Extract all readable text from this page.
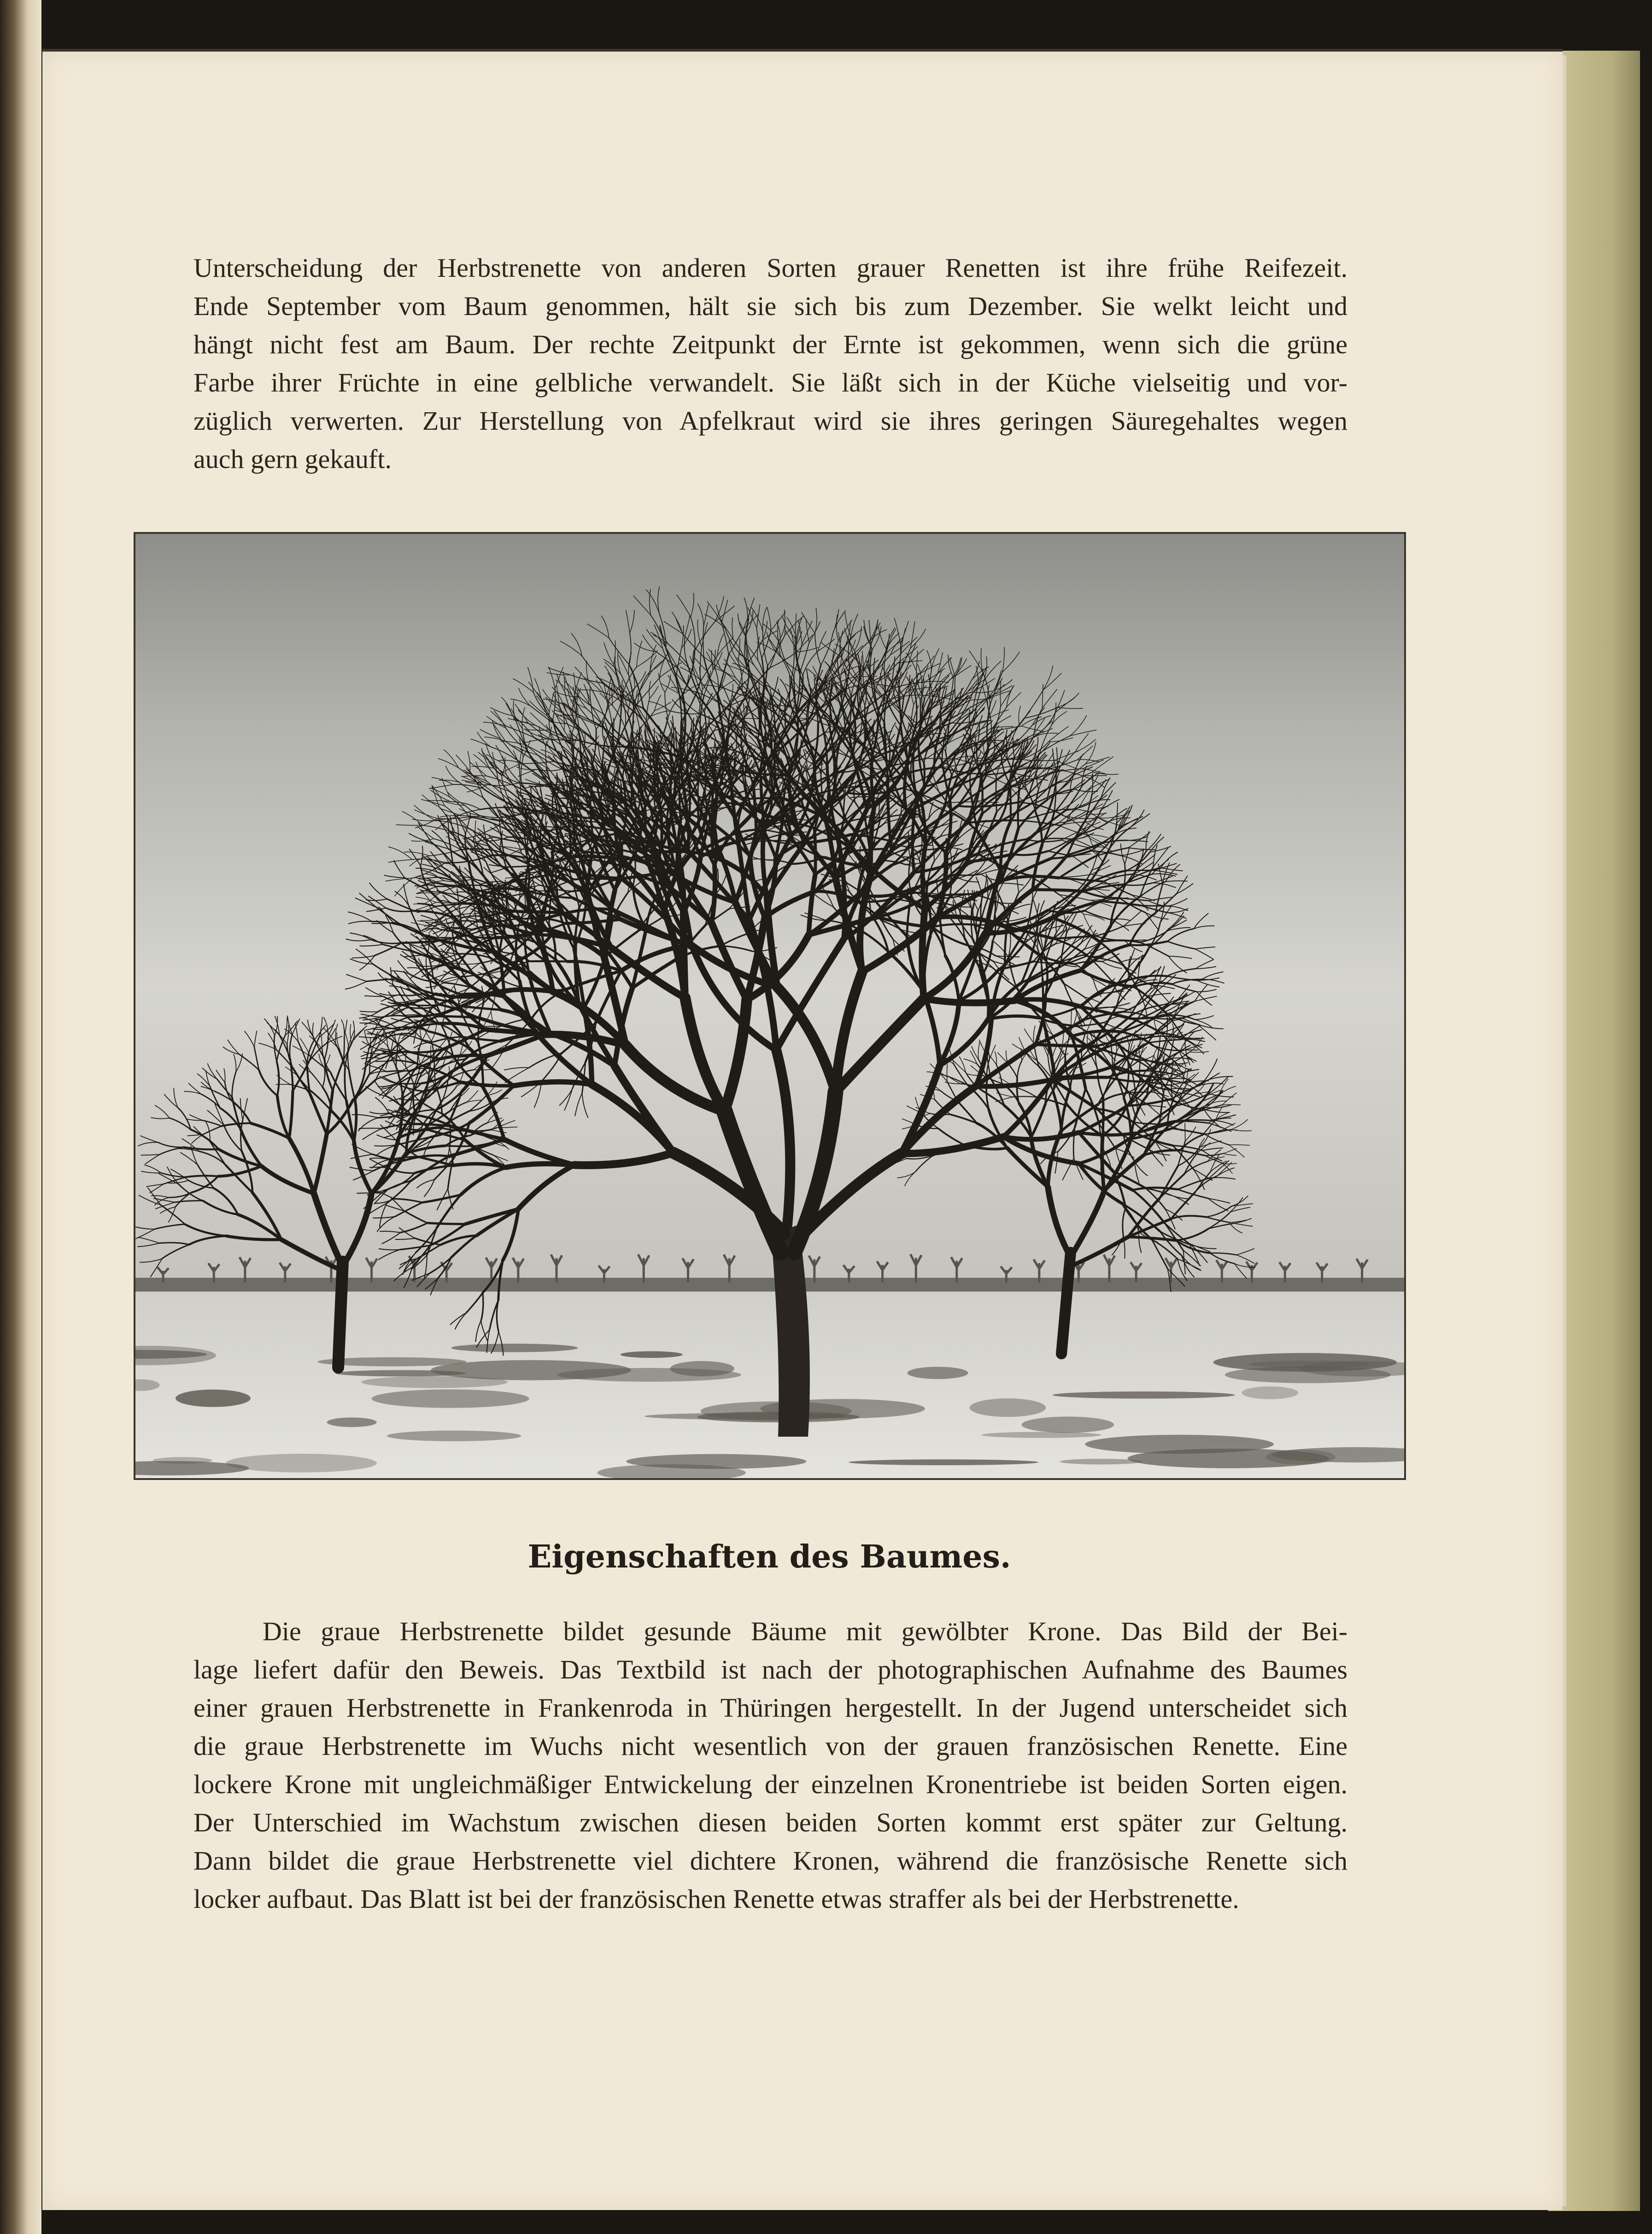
Unterscheidung der Herbstrenette von anderen Sorten grauer Renetten ist ihre frühe Reifezeit.
Ende September vom Baum genommen, hält sie sich bis zum Dezember. Sie welkt leicht und
hängt nicht fest am Baum. Der rechte Zeitpunkt der Ernte ist gekommen, wenn sich die grüne
Farbe ihrer Früchte in eine gelbliche verwandelt. Sie läßt sich in der Küche vielseitig und vor-
züglich verwerten. Zur Herstellung von Apfelkraut wird sie ihres geringen Säuregehaltes wegen
auch gern gekauft.
Eigenschaften des Baumes.
Die graue Herbstrenette bildet gesunde Bäume mit gewölbter Krone. Das Bild der Bei-
lage liefert dafür den Beweis. Das Textbild ist nach der photographischen Aufnahme des Baumes
einer grauen Herbstrenette in Frankenroda in Thüringen hergestellt. In der Jugend unterscheidet sich
die graue Herbstrenette im Wuchs nicht wesentlich von der grauen französischen Renette. Eine
lockere Krone mit ungleichmäßiger Entwickelung der einzelnen Kronentriebe ist beiden Sorten eigen.
Der Unterschied im Wachstum zwischen diesen beiden Sorten kommt erst später zur Geltung.
Dann bildet die graue Herbstrenette viel dichtere Kronen, während die französische Renette sich
locker aufbaut. Das Blatt ist bei der französischen Renette etwas straffer als bei der Herbstrenette.
